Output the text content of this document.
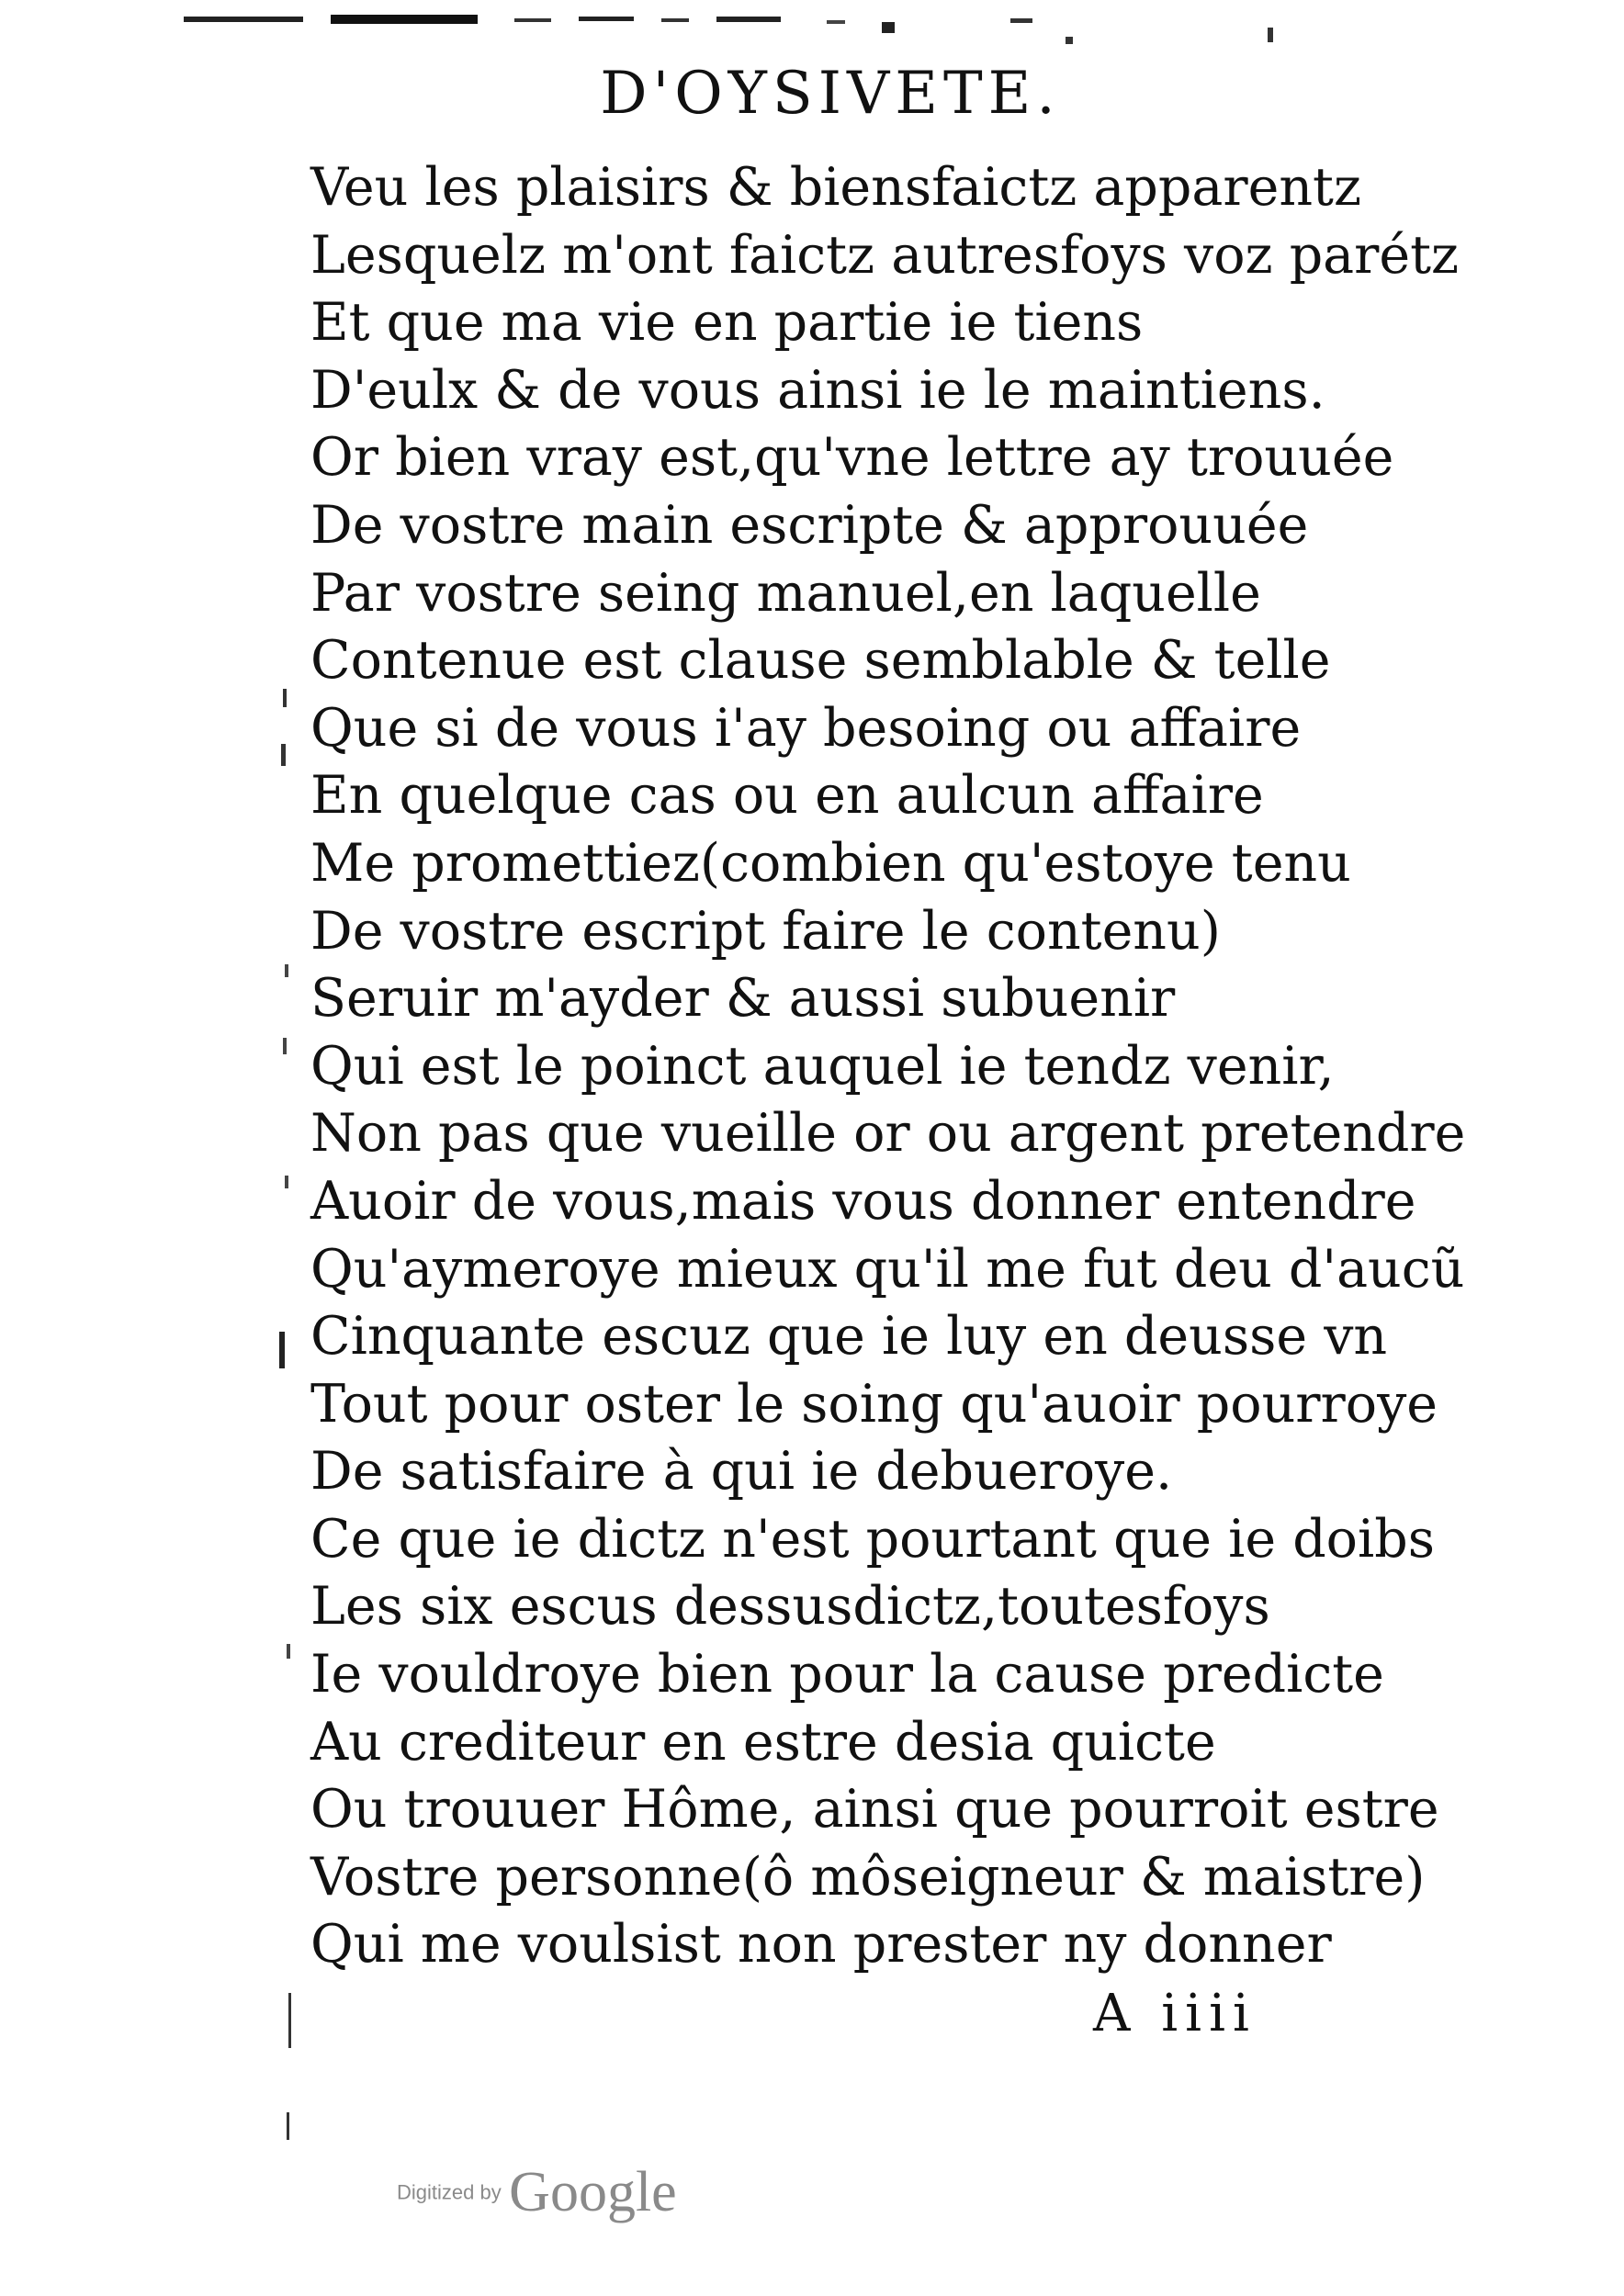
D'OYSIVETE.
Veu les plaisirs & biensfaictz apparentz
Lesquelz m'ont faictz autresfoys voz parétz
Et que ma vie en partie ie tiens
D'eulx & de vous ainsi ie le maintiens.
Or bien vray est,qu'vne lettre ay trouuée
De vostre main escripte & approuuée
Par vostre seing manuel,en laquelle
Contenue est clause semblable & telle
Que si de vous i'ay besoing ou affaire
En quelque cas ou en aulcun affaire
Me promettiez(combien qu'estoye tenu
De vostre escript faire le contenu)
Seruir m'ayder & aussi subuenir
Qui est le poinct auquel ie tendz venir,
Non pas que vueille or ou argent pretendre
Auoir de vous,mais vous donner entendre
Qu'aymeroye mieux qu'il me fut deu d'aucũ
Cinquante escuz que ie luy en deusse vn
Tout pour oster le soing qu'auoir pourroye
De satisfaire à qui ie debueroye.
Ce que ie dictz n'est pourtant que ie doibs
Les six escus dessusdictz,toutesfoys
Ie vouldroye bien pour la cause predicte
Au crediteur en estre desia quicte
Ou trouuer Hôme, ainsi que pourroit estre
Vostre personne(ô môseigneur & maistre)
Qui me voulsist non prester ny donner
A iiii
Digitized by Google
